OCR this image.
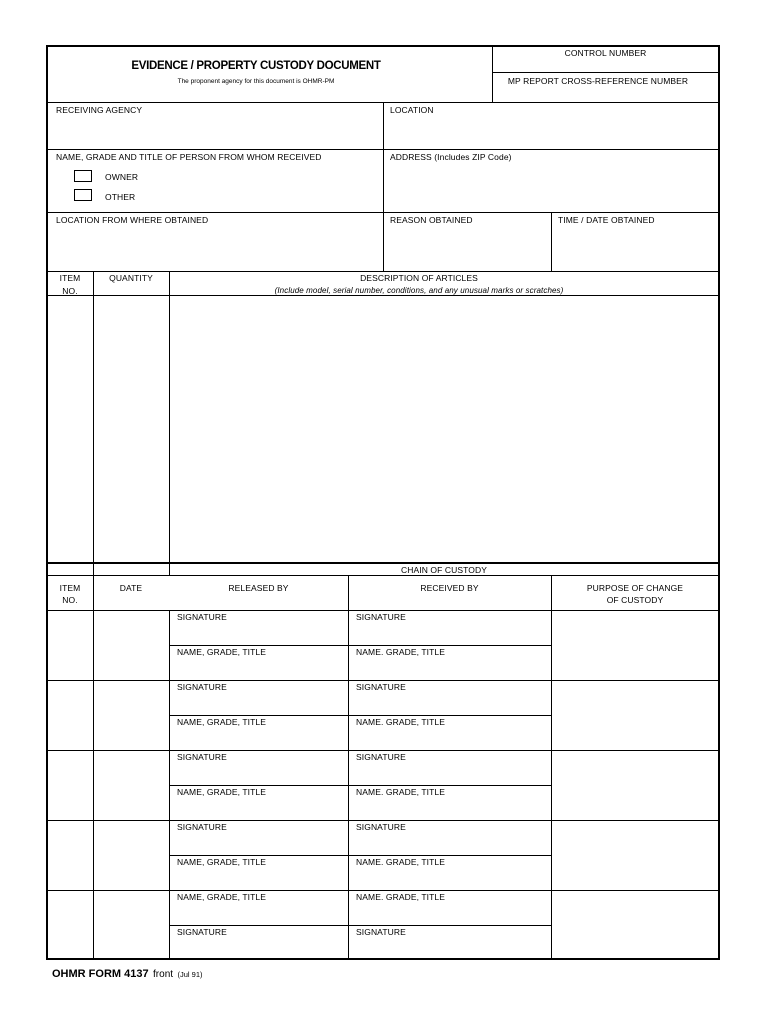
EVIDENCE / PROPERTY CUSTODY DOCUMENT
The proponent agency for this document is OHMR-PM
CONTROL NUMBER
MP REPORT CROSS-REFERENCE NUMBER
RECEIVING AGENCY	LOCATION
NAME, GRADE AND TITLE OF PERSON FROM WHOM RECEIVED	ADDRESS (Includes ZIP Code)
OWNER
OTHER
LOCATION FROM WHERE OBTAINED	REASON OBTAINED	TIME / DATE OBTAINED
ITEM
NO.
QUANTITY	DESCRIPTION OF ARTICLES
(Include model, serial number, conditions, and any unusual marks or scratches)
CHAIN OF CUSTODY
ITEM
NO.
DATE	RELEASED BY	RECEIVED BY	PURPOSE OF CHANGE
OF CUSTODY
SIGNATURE	SIGNATURE
NAME, GRADE, TITLE	NAME. GRADE, TITLE
SIGNATURE	SIGNATURE
NAME, GRADE, TITLE	NAME. GRADE, TITLE
SIGNATURE	SIGNATURE
NAME, GRADE, TITLE	NAME. GRADE, TITLE
SIGNATURE	SIGNATURE
NAME, GRADE, TITLE	NAME. GRADE, TITLE
NAME, GRADE, TITLE	NAME. GRADE, TITLE
SIGNATURE	SIGNATURE
OHMR FORM 4137 front (Jul 91)
